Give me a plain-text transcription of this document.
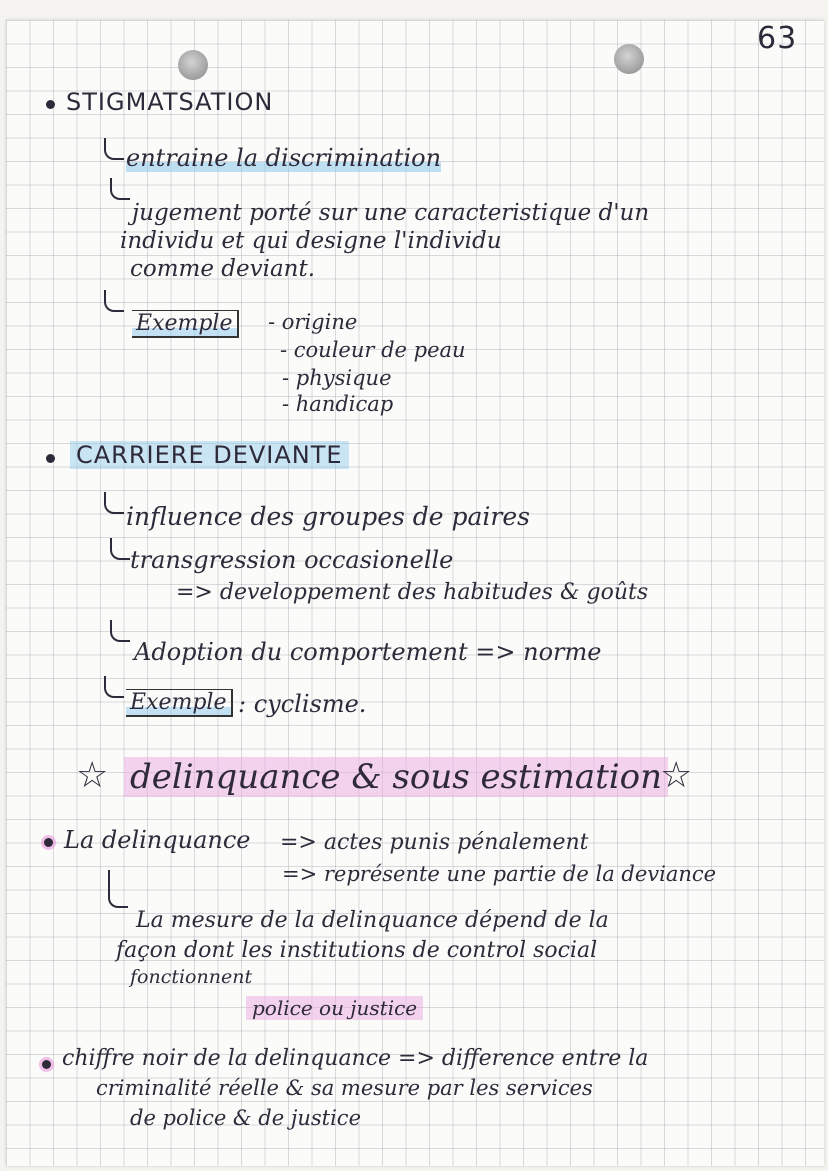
63
STIGMATSATION
entraine la discrimination
jugement porté sur une caracteristique d'un
individu et qui designe l'individu
comme deviant.
Exemple - origine
- couleur de peau
- physique
- handicap
CARRIERE DEVIANTE
influence des groupes de paires
transgression occasionelle
=> developpement des habitudes & goûts
Adoption du comportement => norme
Exemple : cyclisme.
☆ delinquance & sous estimation
☆
La delinquance => actes punis pénalement
=> représente une partie de la deviance
La mesure de la delinquance dépend de la
façon dont les institutions de control social
fonctionnent
police ou justice
chiffre noir de la delinquance => difference entre la
criminalité réelle & sa mesure par les services
de police & de justice
